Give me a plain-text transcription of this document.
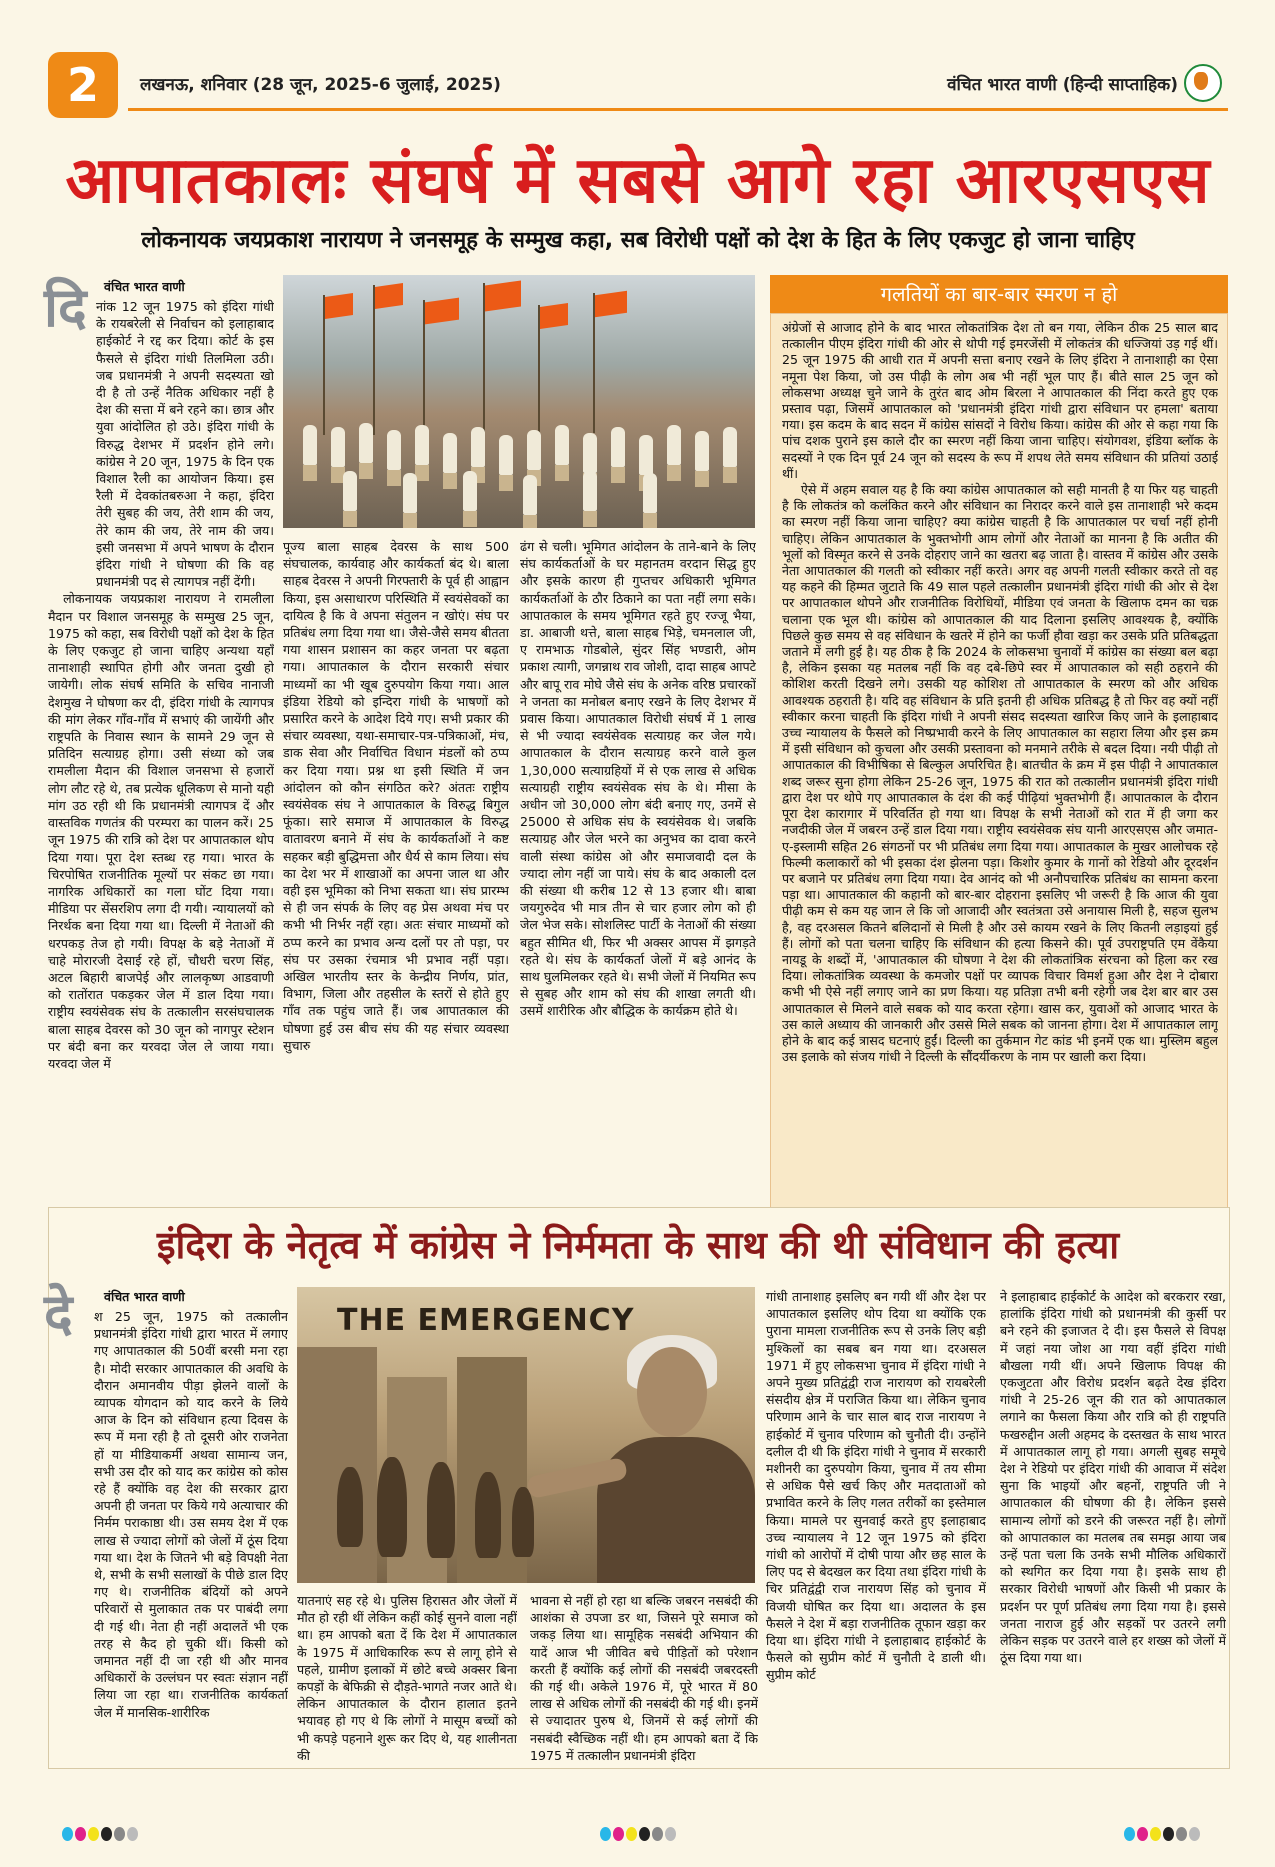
2	लखनऊ, शनिवार (28 जून, 2025-6 जुलाई, 2025)	वंचित भारत वाणी (हिन्दी साप्ताहिक)
आपातकालः संघर्ष में सबसे आगे रहा आरएसएस
लोकनायक जयप्रकाश नारायण ने जनसमूह के सम्मुख कहा, सब विरोधी पक्षों को देश के हित के लिए एकजुट हो जाना चाहिए
वंचित भारत वाणी
दि नांक 12 जून 1975 को इंदिरा गांधी के रायबरेली से निर्वाचन को इलाहाबाद हाईकोर्ट ने रद्द कर दिया। कोर्ट के इस फैसले से इंदिरा गांधी तिलमिला उठी। जब प्रधानमंत्री ने अपनी सदस्यता खो दी है तो उन्हें नैतिक अधिकार नहीं है देश की सत्ता में बने रहने का। छात्र और युवा आंदोलित हो उठे। इंदिरा गांधी के विरुद्ध देशभर में प्रदर्शन होने लगे। कांग्रेस ने 20 जून, 1975 के दिन एक विशाल रैली का आयोजन किया। इस रैली में देवकांतबरुआ ने कहा, इंदिरा तेरी सुबह की जय, तेरी शाम की जय, तेरे काम की जय, तेरे नाम की जय। इसी जनसभा में अपने भाषण के दौरान इंदिरा गांधी ने घोषणा की कि वह प्रधानमंत्री पद से त्यागपत्र नहीं देंगी।

लोकनायक जयप्रकाश नारायण ने रामलीला मैदान पर विशाल जनसमूह के सम्मुख 25 जून, 1975 को कहा, सब विरोधी पक्षों को देश के हित के लिए एकजुट हो जाना चाहिए अन्यथा यहाँ तानाशाही स्थापित होगी और जनता दुखी हो जायेगी। लोक संघर्ष समिति के सचिव नानाजी देशमुख ने घोषणा कर दी, इंदिरा गांधी के त्यागपत्र की मांग लेकर गाँव-गाँव में सभाएं की जायेंगी और राष्ट्रपति के निवास स्थान के सामने 29 जून से प्रतिदिन सत्याग्रह होगा। उसी संध्या को जब रामलीला मैदान की विशाल जनसभा से हजारों लोग लौट रहे थे, तब प्रत्येक धूलिकण से मानो यही मांग उठ रही थी कि प्रधानमंत्री त्यागपत्र दें और वास्तविक गणतंत्र की परम्परा का पालन करें। 25 जून 1975 की रात्रि को देश पर आपातकाल थोप दिया गया। पूरा देश स्तब्ध रह गया। भारत के चिरपोषित राजनीतिक मूल्यों पर संकट छा गया। नागरिक अधिकारों का गला घोंट दिया गया। मीडिया पर सेंसरशिप लगा दी गयी। न्यायालयों को निरर्थक बना दिया गया था। दिल्ली में नेताओं की धरपकड़ तेज हो गयी। विपक्ष के बड़े नेताओं में चाहे मोरारजी देसाई रहे हों, चौधरी चरण सिंह, अटल बिहारी बाजपेई और लालकृष्ण आडवाणी को रातोंरात पकड़कर जेल में डाल दिया गया। राष्ट्रीय स्वयंसेवक संघ के तत्कालीन सरसंघचालक बाला साहब देवरस को 30 जून को नागपुर स्टेशन पर बंदी बना कर यरवदा जेल ले जाया गया। यरवदा जेल में

पूज्य बाला साहब देवरस के साथ 500 संघचालक, कार्यवाह और कार्यकर्ता बंद थे। बाला साहब देवरस ने अपनी गिरफ्तारी के पूर्व ही आह्वान किया, इस असाधारण परिस्थिति में स्वयंसेवकों का दायित्व है कि वे अपना संतुलन न खोएं। संघ पर प्रतिबंध लगा दिया गया था। जैसे-जैसे समय बीतता गया शासन प्रशासन का कहर जनता पर बढ़ता गया। आपातकाल के दौरान सरकारी संचार माध्यमों का भी खूब दुरुपयोग किया गया। आल इंडिया रेडियो को इन्दिरा गांधी के भाषणों को प्रसारित करने के आदेश दिये गए। सभी प्रकार की संचार व्यवस्था, यथा-समाचार-पत्र-पत्रिकाओं, मंच, डाक सेवा और निर्वाचित विधान मंडलों को ठप्प कर दिया गया। प्रश्न था इसी स्थिति में जन आंदोलन को कौन संगठित करे? अंततः राष्ट्रीय स्वयंसेवक संघ ने आपातकाल के विरुद्ध बिगुल फूंका। सारे समाज में आपातकाल के विरुद्ध वातावरण बनाने में संघ के कार्यकर्ताओं ने कष्ट सहकर बड़ी बुद्धिमत्ता और धैर्य से काम लिया। संघ का देश भर में शाखाओं का अपना जाल था और वही इस भूमिका को निभा सकता था। संघ प्रारम्भ से ही जन संपर्क के लिए वह प्रेस अथवा मंच पर कभी भी निर्भर नहीं रहा। अतः संचार माध्यमों को ठप्प करने का प्रभाव अन्य दलों पर तो पड़ा, पर संघ पर उसका रंचमात्र भी प्रभाव नहीं पड़ा। अखिल भारतीय स्तर के केन्द्रीय निर्णय, प्रांत, विभाग, जिला और तहसील के स्तरों से होते हुए गाँव तक पहुंच जाते हैं। जब आपातकाल की घोषणा हुई उस बीच संघ की यह संचार व्यवस्था सुचारु

ढंग से चली। भूमिगत आंदोलन के ताने-बाने के लिए संघ कार्यकर्ताओं के घर महानतम वरदान सिद्ध हुए और इसके कारण ही गुप्तचर अधिकारी भूमिगत कार्यकर्ताओं के ठौर ठिकाने का पता नहीं लगा सके। आपातकाल के समय भूमिगत रहते हुए रज्जू भैया, डा. आबाजी थत्ते, बाला साहब भिड़े, चमनलाल जी, ए रामभाऊ गोडबोले, सुंदर सिंह भण्डारी, ओम प्रकाश त्यागी, जगन्नाथ राव जोशी, दादा साहब आपटे और बापू राव मोघे जैसे संघ के अनेक वरिष्ठ प्रचारकों ने जनता का मनोबल बनाए रखने के लिए देशभर में प्रवास किया। आपातकाल विरोधी संघर्ष में 1 लाख से भी ज्यादा स्वयंसेवक सत्याग्रह कर जेल गये। आपातकाल के दौरान सत्याग्रह करने वाले कुल 1,30,000 सत्याग्रहियों में से एक लाख से अधिक सत्याग्रही राष्ट्रीय स्वयंसेवक संघ के थे। मीसा के अधीन जो 30,000 लोग बंदी बनाए गए, उनमें से 25000 से अधिक संघ के स्वयंसेवक थे। जबकि सत्याग्रह और जेल भरने का अनुभव का दावा करने वाली संस्था कांग्रेस ओ और समाजवादी दल के ज्यादा लोग नहीं जा पाये। संघ के बाद अकाली दल की संख्या थी करीब 12 से 13 हजार थी। बाबा जयगुरुदेव भी मात्र तीन से चार हजार लोग को ही जेल भेज सके। सोशलिस्ट पार्टी के नेताओं की संख्या बहुत सीमित थी, फिर भी अक्सर आपस में झगड़ते रहते थे। संघ के कार्यकर्ता जेलों में बड़े आनंद के साथ घुलमिलकर रहते थे। सभी जेलों में नियमित रूप से सुबह और शाम को संघ की शाखा लगती थी। उसमें शारीरिक और बौद्धिक के कार्यक्रम होते थे।

गलतियों का बार-बार स्मरण न हो

अंग्रेजों से आजाद होने के बाद भारत लोकतांत्रिक देश तो बन गया, लेकिन ठीक 25 साल बाद तत्कालीन पीएम इंदिरा गांधी की ओर से थोपी गई इमरजेंसी में लोकतंत्र की धज्जियां उड़ गई थीं। 25 जून 1975 की आधी रात में अपनी सत्ता बनाए रखने के लिए इंदिरा ने तानाशाही का ऐसा नमूना पेश किया, जो उस पीढ़ी के लोग अब भी नहीं भूल पाए हैं। बीते साल 25 जून को लोकसभा अध्यक्ष चुने जाने के तुरंत बाद ओम बिरला ने आपातकाल की निंदा करते हुए एक प्रस्ताव पढ़ा, जिसमें आपातकाल को 'प्रधानमंत्री इंदिरा गांधी द्वारा संविधान पर हमला' बताया गया। इस कदम के बाद सदन में कांग्रेस सांसदों ने विरोध किया। कांग्रेस की ओर से कहा गया कि पांच दशक पुराने इस काले दौर का स्मरण नहीं किया जाना चाहिए। संयोगवश, इंडिया ब्लॉक के सदस्यों ने एक दिन पूर्व 24 जून को सदस्य के रूप में शपथ लेते समय संविधान की प्रतियां उठाई थीं।

ऐसे में अहम सवाल यह है कि क्या कांग्रेस आपातकाल को सही मानती है या फिर यह चाहती है कि लोकतंत्र को कलंकित करने और संविधान का निरादर करने वाले इस तानाशाही भरे कदम का स्मरण नहीं किया जाना चाहिए? क्या कांग्रेस चाहती है कि आपातकाल पर चर्चा नहीं होनी चाहिए। लेकिन आपातकाल के भुक्तभोगी आम लोगों और नेताओं का मानना है कि अतीत की भूलों को विस्मृत करने से उनके दोहराए जाने का खतरा बढ़ जाता है। वास्तव में कांग्रेस और उसके नेता आपातकाल की गलती को स्वीकार नहीं करते। अगर वह अपनी गलती स्वीकार करते तो वह यह कहने की हिम्मत जुटाते कि 49 साल पहले तत्कालीन प्रधानमंत्री इंदिरा गांधी की ओर से देश पर आपातकाल थोपने और राजनीतिक विरोधियों, मीडिया एवं जनता के खिलाफ दमन का चक्र चलाना एक भूल थी। कांग्रेस को आपातकाल की याद दिलाना इसलिए आवश्यक है, क्योंकि पिछले कुछ समय से वह संविधान के खतरे में होने का फर्जी हौवा खड़ा कर उसके प्रति प्रतिबद्धता जताने में लगी हुई है। यह ठीक है कि 2024 के लोकसभा चुनावों में कांग्रेस का संख्या बल बढ़ा है, लेकिन इसका यह मतलब नहीं कि वह दबे-छिपे स्वर में आपातकाल को सही ठहराने की कोशिश करती दिखने लगे। उसकी यह कोशिश तो आपातकाल के स्मरण को और अधिक आवश्यक ठहराती है। यदि वह संविधान के प्रति इतनी ही अधिक प्रतिबद्ध है तो फिर वह क्यों नहीं स्वीकार करना चाहती कि इंदिरा गांधी ने अपनी संसद सदस्यता खारिज किए जाने के इलाहाबाद उच्च न्यायालय के फैसले को निष्प्रभावी करने के लिए आपातकाल का सहारा लिया और इस क्रम में इसी संविधान को कुचला और उसकी प्रस्तावना को मनमाने तरीके से बदल दिया। नयी पीढ़ी तो आपातकाल की विभीषिका से बिल्कुल अपरिचित है। बातचीत के क्रम में इस पीढ़ी ने आपातकाल शब्द जरूर सुना होगा लेकिन 25-26 जून, 1975 की रात को तत्कालीन प्रधानमंत्री इंदिरा गांधी द्वारा देश पर थोपे गए आपातकाल के दंश की कई पीढ़ियां भुक्तभोगी हैं। आपातकाल के दौरान पूरा देश कारागार में परिवर्तित हो गया था। विपक्ष के सभी नेताओं को रात में ही जगा कर नजदीकी जेल में जबरन उन्हें डाल दिया गया। राष्ट्रीय स्वयंसेवक संघ यानी आरएसएस और जमात-ए-इस्लामी सहित 26 संगठनों पर भी प्रतिबंध लगा दिया गया। आपातकाल के मुखर आलोचक रहे फिल्मी कलाकारों को भी इसका दंश झेलना पड़ा। किशोर कुमार के गानों को रेडियो और दूरदर्शन पर बजाने पर प्रतिबंध लगा दिया गया। देव आनंद को भी अनौपचारिक प्रतिबंध का सामना करना पड़ा था। आपातकाल की कहानी को बार-बार दोहराना इसलिए भी जरूरी है कि आज की युवा पीढ़ी कम से कम यह जान ले कि जो आजादी और स्वतंत्रता उसे अनायास मिली है, सहज सुलभ है, वह दरअसल कितने बलिदानों से मिली है और उसे कायम रखने के लिए कितनी लड़ाइयां हुई हैं। लोगों को पता चलना चाहिए कि संविधान की हत्या किसने की। पूर्व उपराष्ट्रपति एम वेंकैया नायडू के शब्दों में, 'आपातकाल की घोषणा ने देश की लोकतांत्रिक संरचना को हिला कर रख दिया। लोकतांत्रिक व्यवस्था के कमजोर पक्षों पर व्यापक विचार विमर्श हुआ और देश ने दोबारा कभी भी ऐसे नहीं लगाए जाने का प्रण किया। यह प्रतिज्ञा तभी बनी रहेगी जब देश बार बार उस आपातकाल से मिलने वाले सबक को याद करता रहेगा। खास कर, युवाओं को आजाद भारत के उस काले अध्याय की जानकारी और उससे मिले सबक को जानना होगा। देश में आपातकाल लागू होने के बाद कई त्रासद घटनाएं हुईं। दिल्ली का तुर्कमान गेट कांड भी इनमें एक था। मुस्लिम बहुल उस इलाके को संजय गांधी ने दिल्ली के सौंदर्यीकरण के नाम पर खाली करा दिया।

इंदिरा के नेतृत्व में कांग्रेस ने निर्ममता के साथ की थी संविधान की हत्या
वंचित भारत वाणी
दे	श 25 जून, 1975 को तत्कालीन प्रधानमंत्री इंदिरा गांधी द्वारा भारत में लगाए गए आपातकाल की 50वीं बरसी मना रहा है। मोदी सरकार आपातकाल की अवधि के दौरान अमानवीय पीड़ा झेलने वालों के व्यापक योगदान को याद करने के लिये आज के दिन को संविधान हत्या दिवस के रूप में मना रही है तो दूसरी ओर राजनेता हों या मीडियाकर्मी अथवा सामान्य जन, सभी उस दौर को याद कर कांग्रेस को कोस रहे हैं क्योंकि वह देश की सरकार द्वारा अपनी ही जनता पर किये गये अत्याचार की निर्मम पराकाष्ठा थी। उस समय देश में एक लाख से ज्यादा लोगों को जेलों में ठूंस दिया गया था। देश के जितने भी बड़े विपक्षी नेता थे, सभी के सभी सलाखों के पीछे डाल दिए गए थे। राजनीतिक बंदियों को अपने परिवारों से मुलाकात तक पर पाबंदी लगा दी गई थी। नेता ही नहीं अदालतें भी एक तरह से कैद हो चुकी थीं। किसी को जमानत नहीं दी जा रही थी और मानव अधिकारों के उल्लंघन पर स्वतः संज्ञान नहीं लिया जा रहा था। राजनीतिक कार्यकर्ता जेल में मानसिक-शारीरिक

THE EMERGENCY

यातनाएं सह रहे थे। पुलिस हिरासत और जेलों में मौत हो रही थीं लेकिन कहीं कोई सुनने वाला नहीं था। हम आपको बता दें कि देश में आपातकाल के 1975 में आधिकारिक रूप से लागू होने से पहले, ग्रामीण इलाकों में छोटे बच्चे अक्सर बिना कपड़ों के बेफिक्री से दौड़ते-भागते नजर आते थे। लेकिन आपातकाल के दौरान हालात इतने भयावह हो गए थे कि लोगों ने मासूम बच्चों को भी कपड़े पहनाने शुरू कर दिए थे, यह शालीनता की

भावना से नहीं हो रहा था बल्कि जबरन नसबंदी की आशंका से उपजा डर था, जिसने पूरे समाज को जकड़ लिया था। सामूहिक नसबंदी अभियान की यादें आज भी जीवित बचे पीड़ितों को परेशान करती हैं क्योंकि कई लोगों की नसबंदी जबरदस्ती की गई थी। अकेले 1976 में, पूरे भारत में 80 लाख से अधिक लोगों की नसबंदी की गई थी। इनमें से ज्यादातर पुरुष थे, जिनमें से कई लोगों की नसबंदी स्वैच्छिक नहीं थी। हम आपको बता दें कि 1975 में तत्कालीन प्रधानमंत्री इंदिरा

गांधी तानाशाह इसलिए बन गयी थीं और देश पर आपातकाल इसलिए थोप दिया था क्योंकि एक पुराना मामला राजनीतिक रूप से उनके लिए बड़ी मुश्किलों का सबब बन गया था। दरअसल 1971 में हुए लोकसभा चुनाव में इंदिरा गांधी ने अपने मुख्य प्रतिद्वंद्वी राज नारायण को रायबरेली संसदीय क्षेत्र में पराजित किया था। लेकिन चुनाव परिणाम आने के चार साल बाद राज नारायण ने हाईकोर्ट में चुनाव परिणाम को चुनौती दी। उन्होंने दलील दी थी कि इंदिरा गांधी ने चुनाव में सरकारी मशीनरी का दुरुपयोग किया, चुनाव में तय सीमा से अधिक पैसे खर्च किए और मतदाताओं को प्रभावित करने के लिए गलत तरीकों का इस्तेमाल किया। मामले पर सुनवाई करते हुए इलाहाबाद उच्च न्यायालय ने 12 जून 1975 को इंदिरा गांधी को आरोपों में दोषी पाया और छह साल के लिए पद से बेदखल कर दिया तथा इंदिरा गांधी के चिर प्रतिद्वंद्वी राज नारायण सिंह को चुनाव में विजयी घोषित कर दिया था। अदालत के इस फैसले ने देश में बड़ा राजनीतिक तूफान खड़ा कर दिया था। इंदिरा गांधी ने इलाहाबाद हाईकोर्ट के फैसले को सुप्रीम कोर्ट में चुनौती दे डाली थी। सुप्रीम कोर्ट

ने इलाहाबाद हाईकोर्ट के आदेश को बरकरार रखा, हालांकि इंदिरा गांधी को प्रधानमंत्री की कुर्सी पर बने रहने की इजाजत दे दी। इस फैसले से विपक्ष में जहां नया जोश आ गया वहीं इंदिरा गांधी बौखला गयी थीं। अपने खिलाफ विपक्ष की एकजुटता और विरोध प्रदर्शन बढ़ते देख इंदिरा गांधी ने 25-26 जून की रात को आपातकाल लगाने का फैसला किया और रात्रि को ही राष्ट्रपति फखरुद्दीन अली अहमद के दस्तखत के साथ भारत में आपातकाल लागू हो गया। अगली सुबह समूचे देश ने रेडियो पर इंदिरा गांधी की आवाज में संदेश सुना कि भाइयों और बहनों, राष्ट्रपति जी ने आपातकाल की घोषणा की है। लेकिन इससे सामान्य लोगों को डरने की जरूरत नहीं है। लोगों को आपातकाल का मतलब तब समझ आया जब उन्हें पता चला कि उनके सभी मौलिक अधिकारों को स्थगित कर दिया गया है। इसके साथ ही सरकार विरोधी भाषणों और किसी भी प्रकार के प्रदर्शन पर पूर्ण प्रतिबंध लगा दिया गया है। इससे जनता नाराज हुई और सड़कों पर उतरने लगी लेकिन सड़क पर उतरने वाले हर शख्स को जेलों में ठूंस दिया गया था।
